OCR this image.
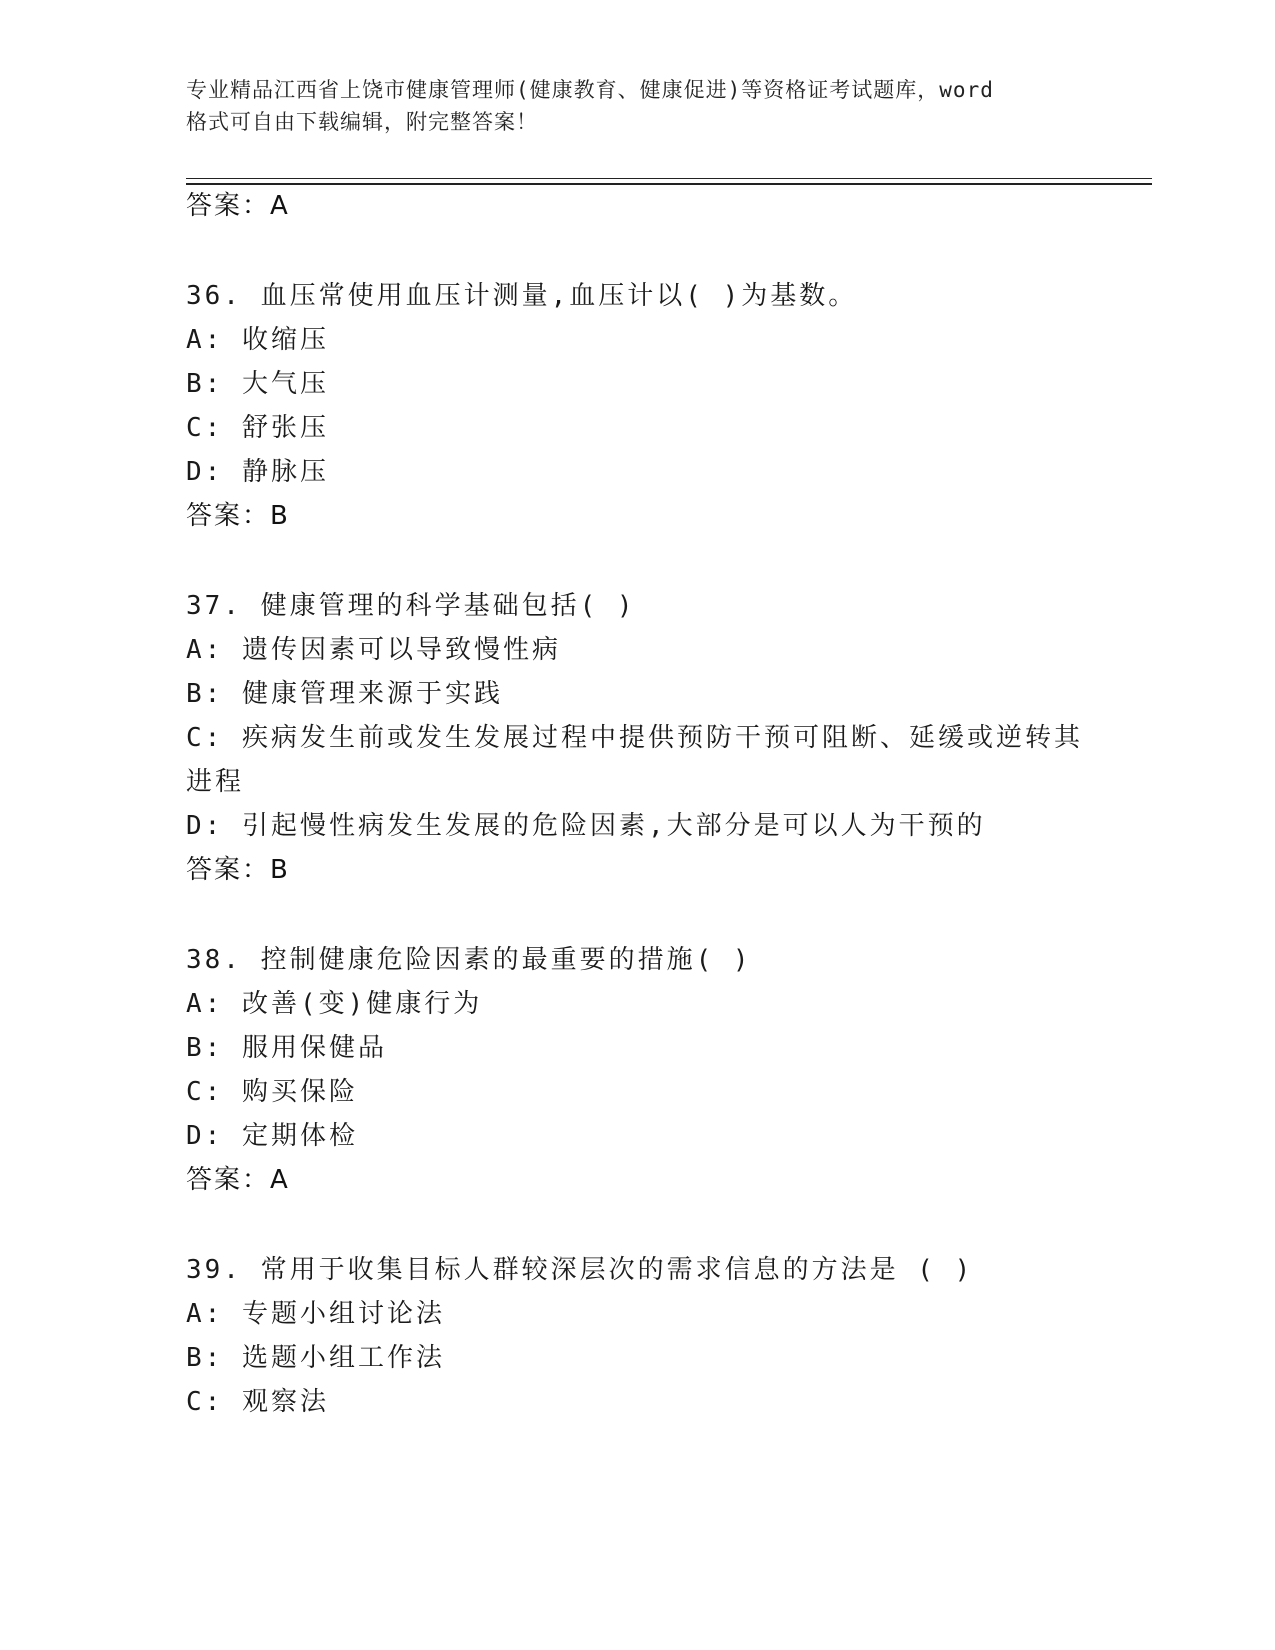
专业精品江西省上饶市健康管理师(健康教育、健康促进)等资格证考试题库，word
格式可自由下载编辑，附完整答案！
答案：A
36. 血压常使用血压计测量,血压计以( )为基数。
A: 收缩压
B: 大气压
C: 舒张压
D: 静脉压
答案：B
37. 健康管理的科学基础包括( )
A: 遗传因素可以导致慢性病
B: 健康管理来源于实践
C: 疾病发生前或发生发展过程中提供预防干预可阻断、延缓或逆转其
进程
D: 引起慢性病发生发展的危险因素,大部分是可以人为干预的
答案：B
38. 控制健康危险因素的最重要的措施( )
A: 改善(变)健康行为
B: 服用保健品
C: 购买保险
D: 定期体检
答案：A
39. 常用于收集目标人群较深层次的需求信息的方法是 ( )
A: 专题小组讨论法
B: 选题小组工作法
C: 观察法
